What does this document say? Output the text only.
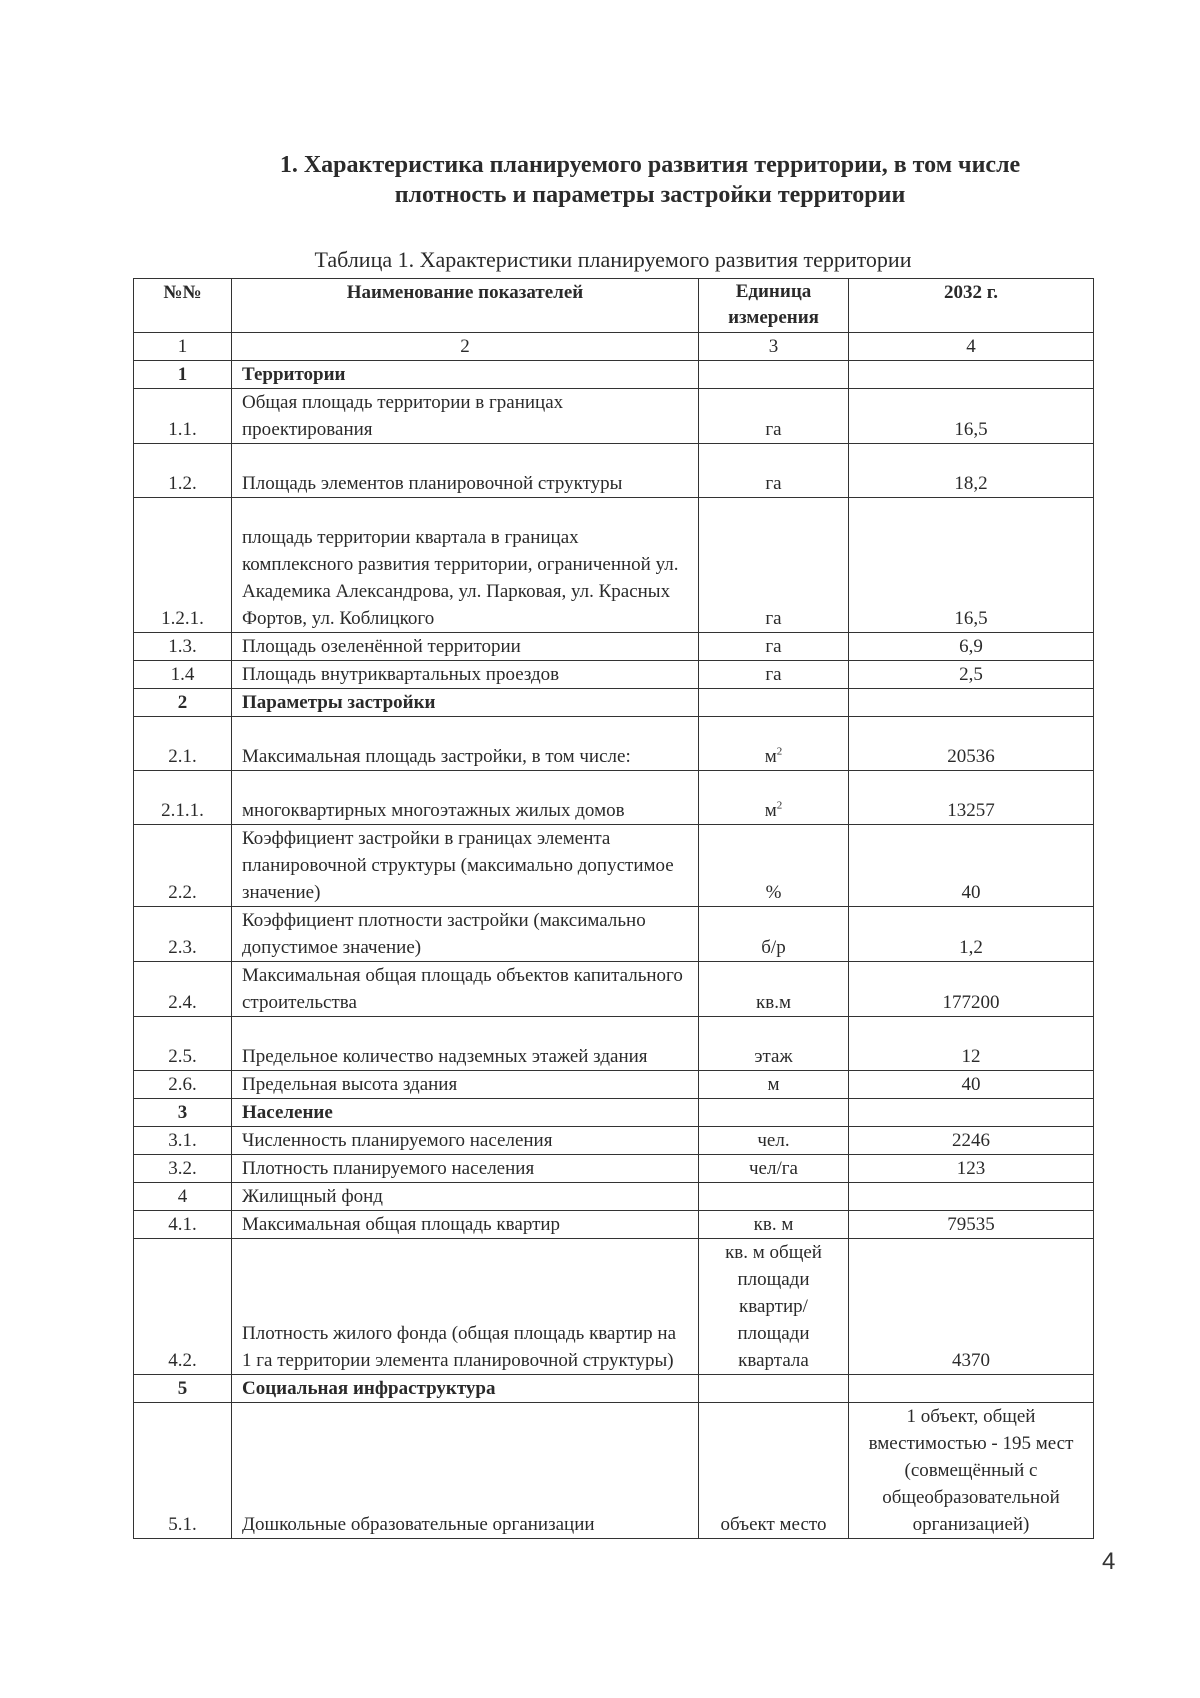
1. Характеристика планируемого развития территории, в том числе
плотность и параметры застройки территории
Таблица 1. Характеристики планируемого развития территории
№№	Наименование показателей	Единица измерения	2032 г.
1	2	3	4
1	Территории		
1.1.	Общая площадь территории в границах проектирования	га	16,5
1.2.	Площадь элементов планировочной структуры	га	18,2
1.2.1.	площадь территории квартала в границах комплексного развития территории, ограниченной ул. Академика Александрова, ул. Парковая, ул. Красных Фортов, ул. Коблицкого	га	16,5
1.3.	Площадь озеленённой территории	га	6,9
1.4	Площадь внутриквартальных проездов	га	2,5
2	Параметры застройки		
2.1.	Максимальная площадь застройки, в том числе:	$м^2$	20536
2.1.1.	многоквартирных многоэтажных жилых домов	$м^2$	13257
2.2.	Коэффициент застройки в границах элемента планировочной структуры (максимально допустимое значение)	%	40
2.3.	Коэффициент плотности застройки (максимально допустимое значение)	б/р	1,2
2.4.	Максимальная общая площадь объектов капитального строительства	кв.м	177200
2.5.	Предельное количество надземных этажей здания	этаж	12
2.6.	Предельная высота здания	м	40
3	Население		
3.1.	Численность планируемого населения	чел.	2246
3.2.	Плотность планируемого населения	чел/га	123
4	Жилищный фонд		
4.1.	Максимальная общая площадь квартир	кв. м	79535
4.2.	Плотность жилого фонда (общая площадь квартир на 1 га территории элемента планировочной структуры)	кв. м общей площади квартир/ площади квартала	4370
5	Социальная инфраструктура		
5.1.	Дошкольные образовательные организации	объект место	1 объект, общей вместимостью - 195 мест (совмещённый с общеобразовательной организацией)
4
